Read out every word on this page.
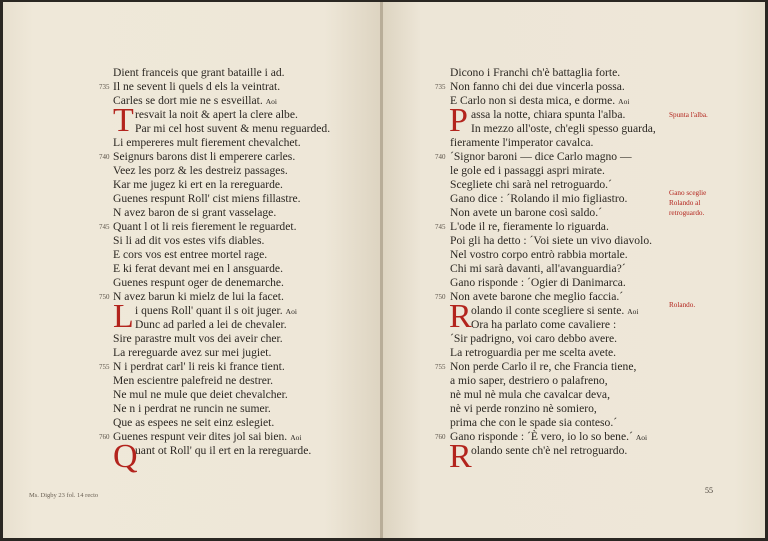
Dient franceis que grant bataille i ad.
735 Il ne sevent li quels d els la veintrat.
Carles se dort mie ne s esveillat. Aoi
T resvait la noit & apert la clere albe.
Par mi cel host suvent & menu reguarded.
Li empereres mult fierement chevalchet.
740 Seignurs barons dist li emperere carles.
Veez les porz & les destreiz passages.
Kar me jugez ki ert en la rereguarde.
Guenes respunt Roll' cist miens fillastre.
N avez baron de si grant vasselage.
745 Quant l ot li reis fierement le reguardet.
Si li ad dit vos estes vifs diables.
E cors vos est entree mortel rage.
E ki ferat devant mei en l ansguarde.
Guenes respunt oger de denemarche.
750 N avez barun ki mielz de lui la facet.
L i quens Roll' quant il s oit juger. Aoi
Dunc ad parled a lei de chevaler.
Sire parastre mult vos dei aveir cher.
La rereguarde avez sur mei jugiet.
755 N i perdrat carl' li reis ki france tient.
Men escientre palefreid ne destrer.
Ne mul ne mule que deiet chevalcher.
Ne n i perdrat ne runcin ne sumer.
Que as espees ne seit einz eslegiet.
760 Guenes respunt veir dites jol sai bien. Aoi
Q
uant ot Roll' qu il ert en la rereguarde.
Ms. Digby 23 fol. 14 recto
Dicono i Franchi ch'è battaglia forte.
735 Non fanno chi dei due vincerla possa.
E Carlo non si desta mica, e dorme. Aoi
P assa la notte, chiara spunta l'alba.
In mezzo all'oste, ch'egli spesso guarda,
fieramente l'imperator cavalca.
740 ˊSignor baroni — dice Carlo magno —
le gole ed i passaggi aspri mirate.
Scegliete chi sarà nel retroguardo.ˊ
Gano dice : ˊRolando il mio figliastro.
Non avete un barone così saldo.ˊ
745 L'ode il re, fieramente lo riguarda.
Poi gli ha detto : ˊVoi siete un vivo diavolo.
Nel vostro corpo entrò rabbia mortale.
Chi mi sarà davanti, all'avanguardia?ˊ
Gano risponde : ˊOgier di Danimarca.
750 Non avete barone che meglio faccia.ˊ
R olando il conte scegliere si sente. Aoi
Ora ha parlato come cavaliere :
ˊSir padrigno, voi caro debbo avere.
La retroguardia per me scelta avete.
755 Non perde Carlo il re, che Francia tiene,
a mio saper, destriero o palafreno,
nè mul nè mula che cavalcar deva,
nè vi perde ronzino nè somiero,
prima che con le spade sia conteso.ˊ
760 Gano risponde : ˊÈ vero, io lo so bene.ˊ Aoi
R olando sente ch'è nel retroguardo.
Spunta l'alba.
Gano sceglie
Rolando al
retroguardo.
Rolando.
55
